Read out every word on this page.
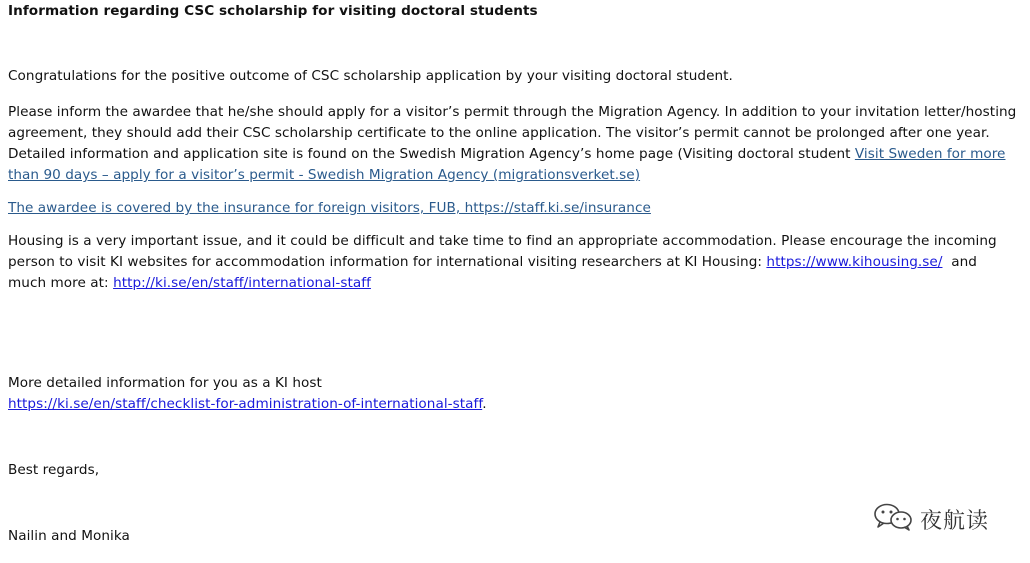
Information regarding CSC scholarship for visiting doctoral students
Congratulations for the positive outcome of CSC scholarship application by your visiting doctoral student.
Please inform the awardee that he/she should apply for a visitor’s permit through the Migration Agency. In addition to your invitation letter/hosting
agreement, they should add their CSC scholarship certificate to the online application. The visitor’s permit cannot be prolonged after one year.
Detailed information and application site is found on the Swedish Migration Agency’s home page (Visiting doctoral student Visit Sweden for more
than 90 days – apply for a visitor’s permit - Swedish Migration Agency (migrationsverket.se)
The awardee is covered by the insurance for foreign visitors, FUB, https://staff.ki.se/insurance
Housing is a very important issue, and it could be difficult and take time to find an appropriate accommodation. Please encourage the incoming
person to visit KI websites for accommodation information for international visiting researchers at KI Housing: https://www.kihousing.se/  and
much more at: http://ki.se/en/staff/international-staff
More detailed information for you as a KI host
https://ki.se/en/staff/checklist-for-administration-of-international-staff.
Best regards,
Nailin and Monika
夜航读
